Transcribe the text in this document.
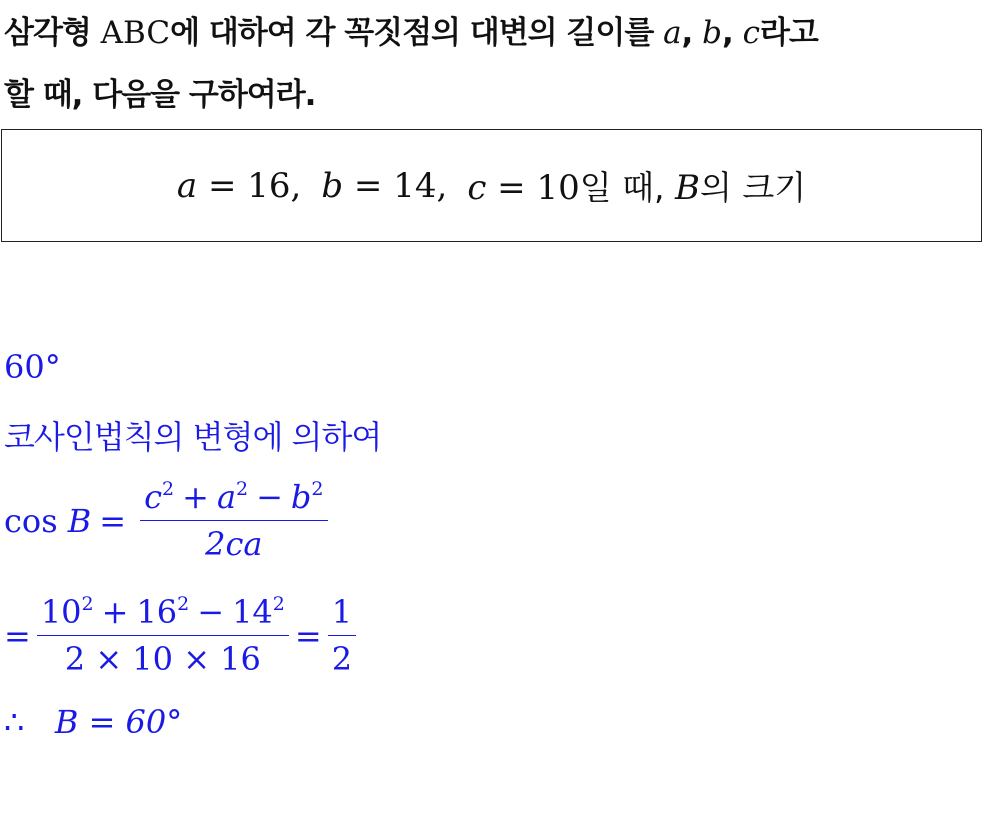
삼각형 ABC에 대하여 각 꼭짓점의 대변의 길이를 a, b, c라고
할 때, 다음을 구하여라.
a = 16, b = 14, c = 10일 때, B의 크기
60°
코사인법칙의 변형에 의하여
cos
$B = \frac{c^2 + a^2 - b^2}{2ca}$
= $\frac{10^2 + 16^2 - 14^2}{2 \times 10 \times 16} = \frac{1}{2}$
∴
B = 60°
